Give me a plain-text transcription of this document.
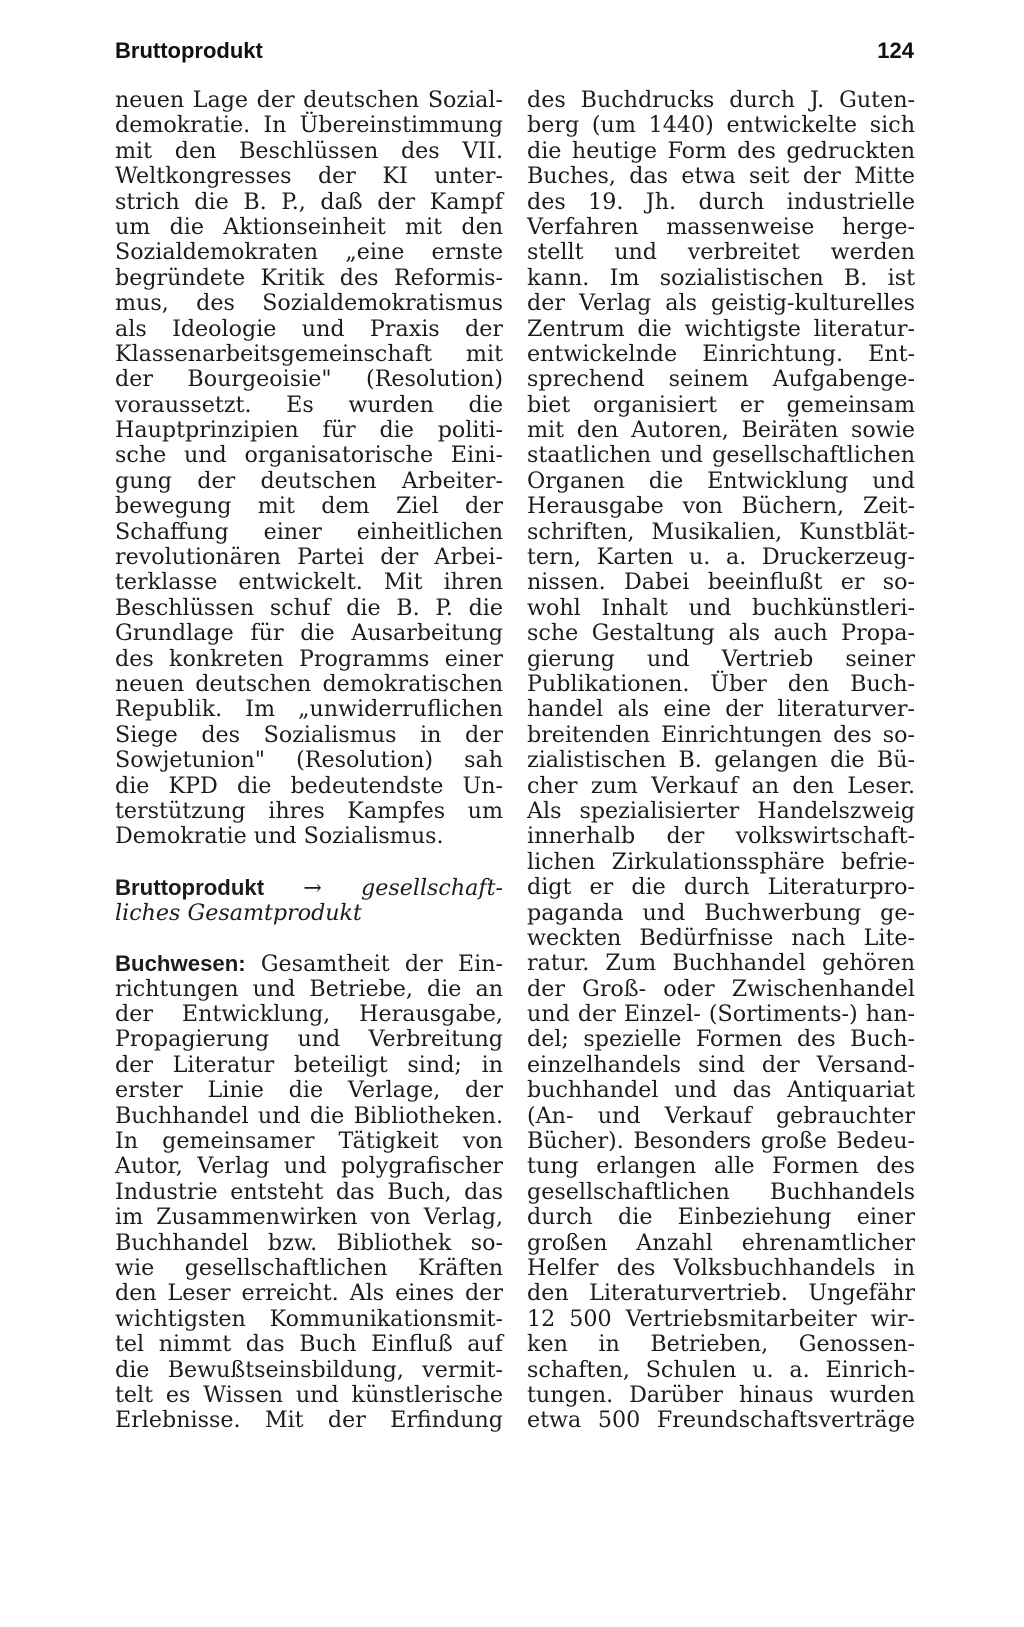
Bruttoprodukt	124
neuen Lage der deutschen Sozial-
demokratie. In Übereinstimmung
mit den Beschlüssen des VII.
Weltkongresses der KI unter-
strich die B. P., daß der Kampf
um die Aktionseinheit mit den
Sozialdemokraten „eine ernste
begründete Kritik des Reformis-
mus, des Sozialdemokratismus
als Ideologie und Praxis der
Klassenarbeitsgemeinschaft mit
der Bourgeoisie" (Resolution)
voraussetzt. Es wurden die
Hauptprinzipien für die politi-
sche und organisatorische Eini-
gung der deutschen Arbeiter-
bewegung mit dem Ziel der
Schaffung einer einheitlichen
revolutionären Partei der Arbei-
terklasse entwickelt. Mit ihren
Beschlüssen schuf die B. P. die
Grundlage für die Ausarbeitung
des konkreten Programms einer
neuen deutschen demokratischen
Republik. Im „unwiderruflichen
Siege des Sozialismus in der
Sowjetunion" (Resolution) sah
die KPD die bedeutendste Un-
terstützung ihres Kampfes um
Demokratie und Sozialismus.
Bruttoprodukt → gesellschaft-
liches Gesamtprodukt
Buchwesen: Gesamtheit der Ein-
richtungen und Betriebe, die an
der Entwicklung, Herausgabe,
Propagierung und Verbreitung
der Literatur beteiligt sind; in
erster Linie die Verlage, der
Buchhandel und die Bibliotheken.
In gemeinsamer Tätigkeit von
Autor, Verlag und polygrafischer
Industrie entsteht das Buch, das
im Zusammenwirken von Verlag,
Buchhandel bzw. Bibliothek so-
wie gesellschaftlichen Kräften
den Leser erreicht. Als eines der
wichtigsten Kommunikationsmit-
tel nimmt das Buch Einfluß auf
die Bewußtseinsbildung, vermit-
telt es Wissen und künstlerische
Erlebnisse. Mit der Erfindung
des Buchdrucks durch J. Guten-
berg (um 1440) entwickelte sich
die heutige Form des gedruckten
Buches, das etwa seit der Mitte
des 19. Jh. durch industrielle
Verfahren massenweise herge-
stellt und verbreitet werden
kann. Im sozialistischen B. ist
der Verlag als geistig-kulturelles
Zentrum die wichtigste literatur-
entwickelnde Einrichtung. Ent-
sprechend seinem Aufgabenge-
biet organisiert er gemeinsam
mit den Autoren, Beiräten sowie
staatlichen und gesellschaftlichen
Organen die Entwicklung und
Herausgabe von Büchern, Zeit-
schriften, Musikalien, Kunstblät-
tern, Karten u. a. Druckerzeug-
nissen. Dabei beeinflußt er so-
wohl Inhalt und buchkünstleri-
sche Gestaltung als auch Propa-
gierung und Vertrieb seiner
Publikationen. Über den Buch-
handel als eine der literaturver-
breitenden Einrichtungen des so-
zialistischen B. gelangen die Bü-
cher zum Verkauf an den Leser.
Als spezialisierter Handelszweig
innerhalb der volkswirtschaft-
lichen Zirkulationssphäre befrie-
digt er die durch Literaturpro-
paganda und Buchwerbung ge-
weckten Bedürfnisse nach Lite-
ratur. Zum Buchhandel gehören
der Groß- oder Zwischenhandel
und der Einzel- (Sortiments-) han-
del; spezielle Formen des Buch-
einzelhandels sind der Versand-
buchhandel und das Antiquariat
(An- und Verkauf gebrauchter
Bücher). Besonders große Bedeu-
tung erlangen alle Formen des
gesellschaftlichen Buchhandels
durch die Einbeziehung einer
großen Anzahl ehrenamtlicher
Helfer des Volksbuchhandels in
den Literaturvertrieb. Ungefähr
12 500 Vertriebsmitarbeiter wir-
ken in Betrieben, Genossen-
schaften, Schulen u. a. Einrich-
tungen. Darüber hinaus wurden
etwa 500 Freundschaftsverträge
